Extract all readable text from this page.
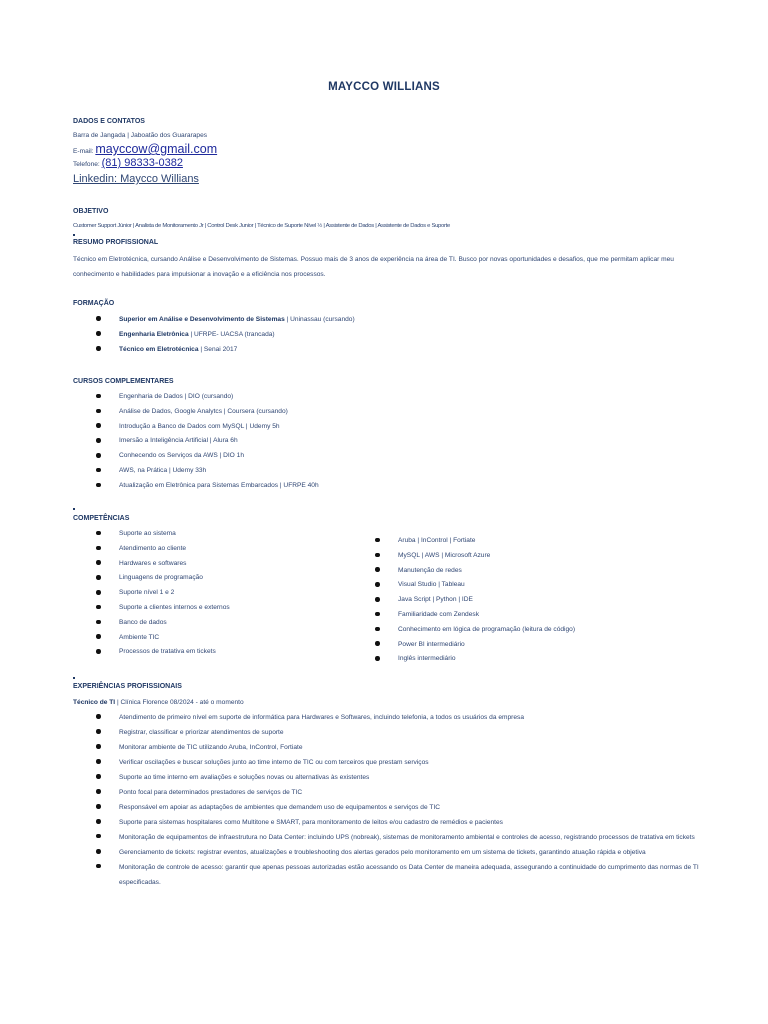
MAYCCO WILLIANS
DADOS E CONTATOS
Barra de Jangada | Jaboatão dos Guararapes
E-mail: mayccow@gmail.com
Telefone: (81) 98333-0382
Linkedin: Maycco Willians
OBJETIVO
Customer Support Júnior | Analista de Monitoramento Jr | Control Desk Junior | Técnico de Suporte Nível ½ | Assistente de Dados | Assistente de Dados e Suporte
RESUMO PROFISSIONAL
Técnico em Eletrotécnica, cursando Análise e Desenvolvimento de Sistemas. Possuo mais de 3 anos de experiência na área de TI. Busco por novas oportunidades e desafios, que me permitam aplicar meu conhecimento e habilidades para impulsionar a inovação e a eficiência nos processos.
FORMAÇÃO
Superior em Análise e Desenvolvimento de Sistemas | Uninassau (cursando)
Engenharia Eletrônica | UFRPE- UACSA (trancada)
Técnico em Eletrotécnica | Senai 2017
CURSOS COMPLEMENTARES
Engenharia de Dados | DIO (cursando)
Análise de Dados, Google Analytcs | Coursera (cursando)
Introdução a Banco de Dados com MySQL | Udemy 5h
Imersão a Inteligência Artificial | Alura 6h
Conhecendo os Serviços da AWS | DIO 1h
AWS, na Prática | Udemy 33h
Atualização em Eletrônica para Sistemas Embarcados | UFRPE 40h
COMPETÊNCIAS
Suporte ao sistema
Atendimento ao cliente
Hardwares e softwares
Linguagens de programação
Suporte nível 1 e 2
Suporte a clientes internos e externos
Banco de dados
Ambiente TIC
Processos de tratativa em tickets
Aruba | InControl | Fortiate
MySQL | AWS | Microsoft Azure
Manutenção de redes
Visual Studio | Tableau
Java Script | Python | IDE
Familiaridade com Zendesk
Conhecimento em lógica de programação (leitura de código)
Power BI intermediário
Inglês intermediário
EXPERIÊNCIAS PROFISSIONAIS
Técnico de TI | Clínica Florence 08/2024 - até o momento
Atendimento de primeiro nível em suporte de informática para Hardwares e Softwares, incluindo telefonia, a todos os usuários da empresa
Registrar, classificar e priorizar atendimentos de suporte
Monitorar ambiente de TIC utilizando Aruba, InControl, Fortiate
Verificar oscilações e buscar soluções junto ao time interno de TIC ou com terceiros que prestam serviços
Suporte ao time interno em avaliações e soluções novas ou alternativas às existentes
Ponto focal para determinados prestadores de serviços de TIC
Responsável em apoiar as adaptações de ambientes que demandem uso de equipamentos e serviços de TIC
Suporte para sistemas hospitalares como Multitone e SMART, para monitoramento de leitos e/ou cadastro de remédios e pacientes
Monitoração de equipamentos de infraestrutura no Data Center: incluindo UPS (nobreak), sistemas de monitoramento ambiental e controles de acesso, registrando processos de tratativa em tickets
Gerenciamento de tickets: registrar eventos, atualizações e troubleshooting dos alertas gerados pelo monitoramento em um sistema de tickets, garantindo atuação rápida e objetiva
Monitoração de controle de acesso: garantir que apenas pessoas autorizadas estão acessando os Data Center de maneira adequada, assegurando a continuidade do cumprimento das normas de TI especificadas.
